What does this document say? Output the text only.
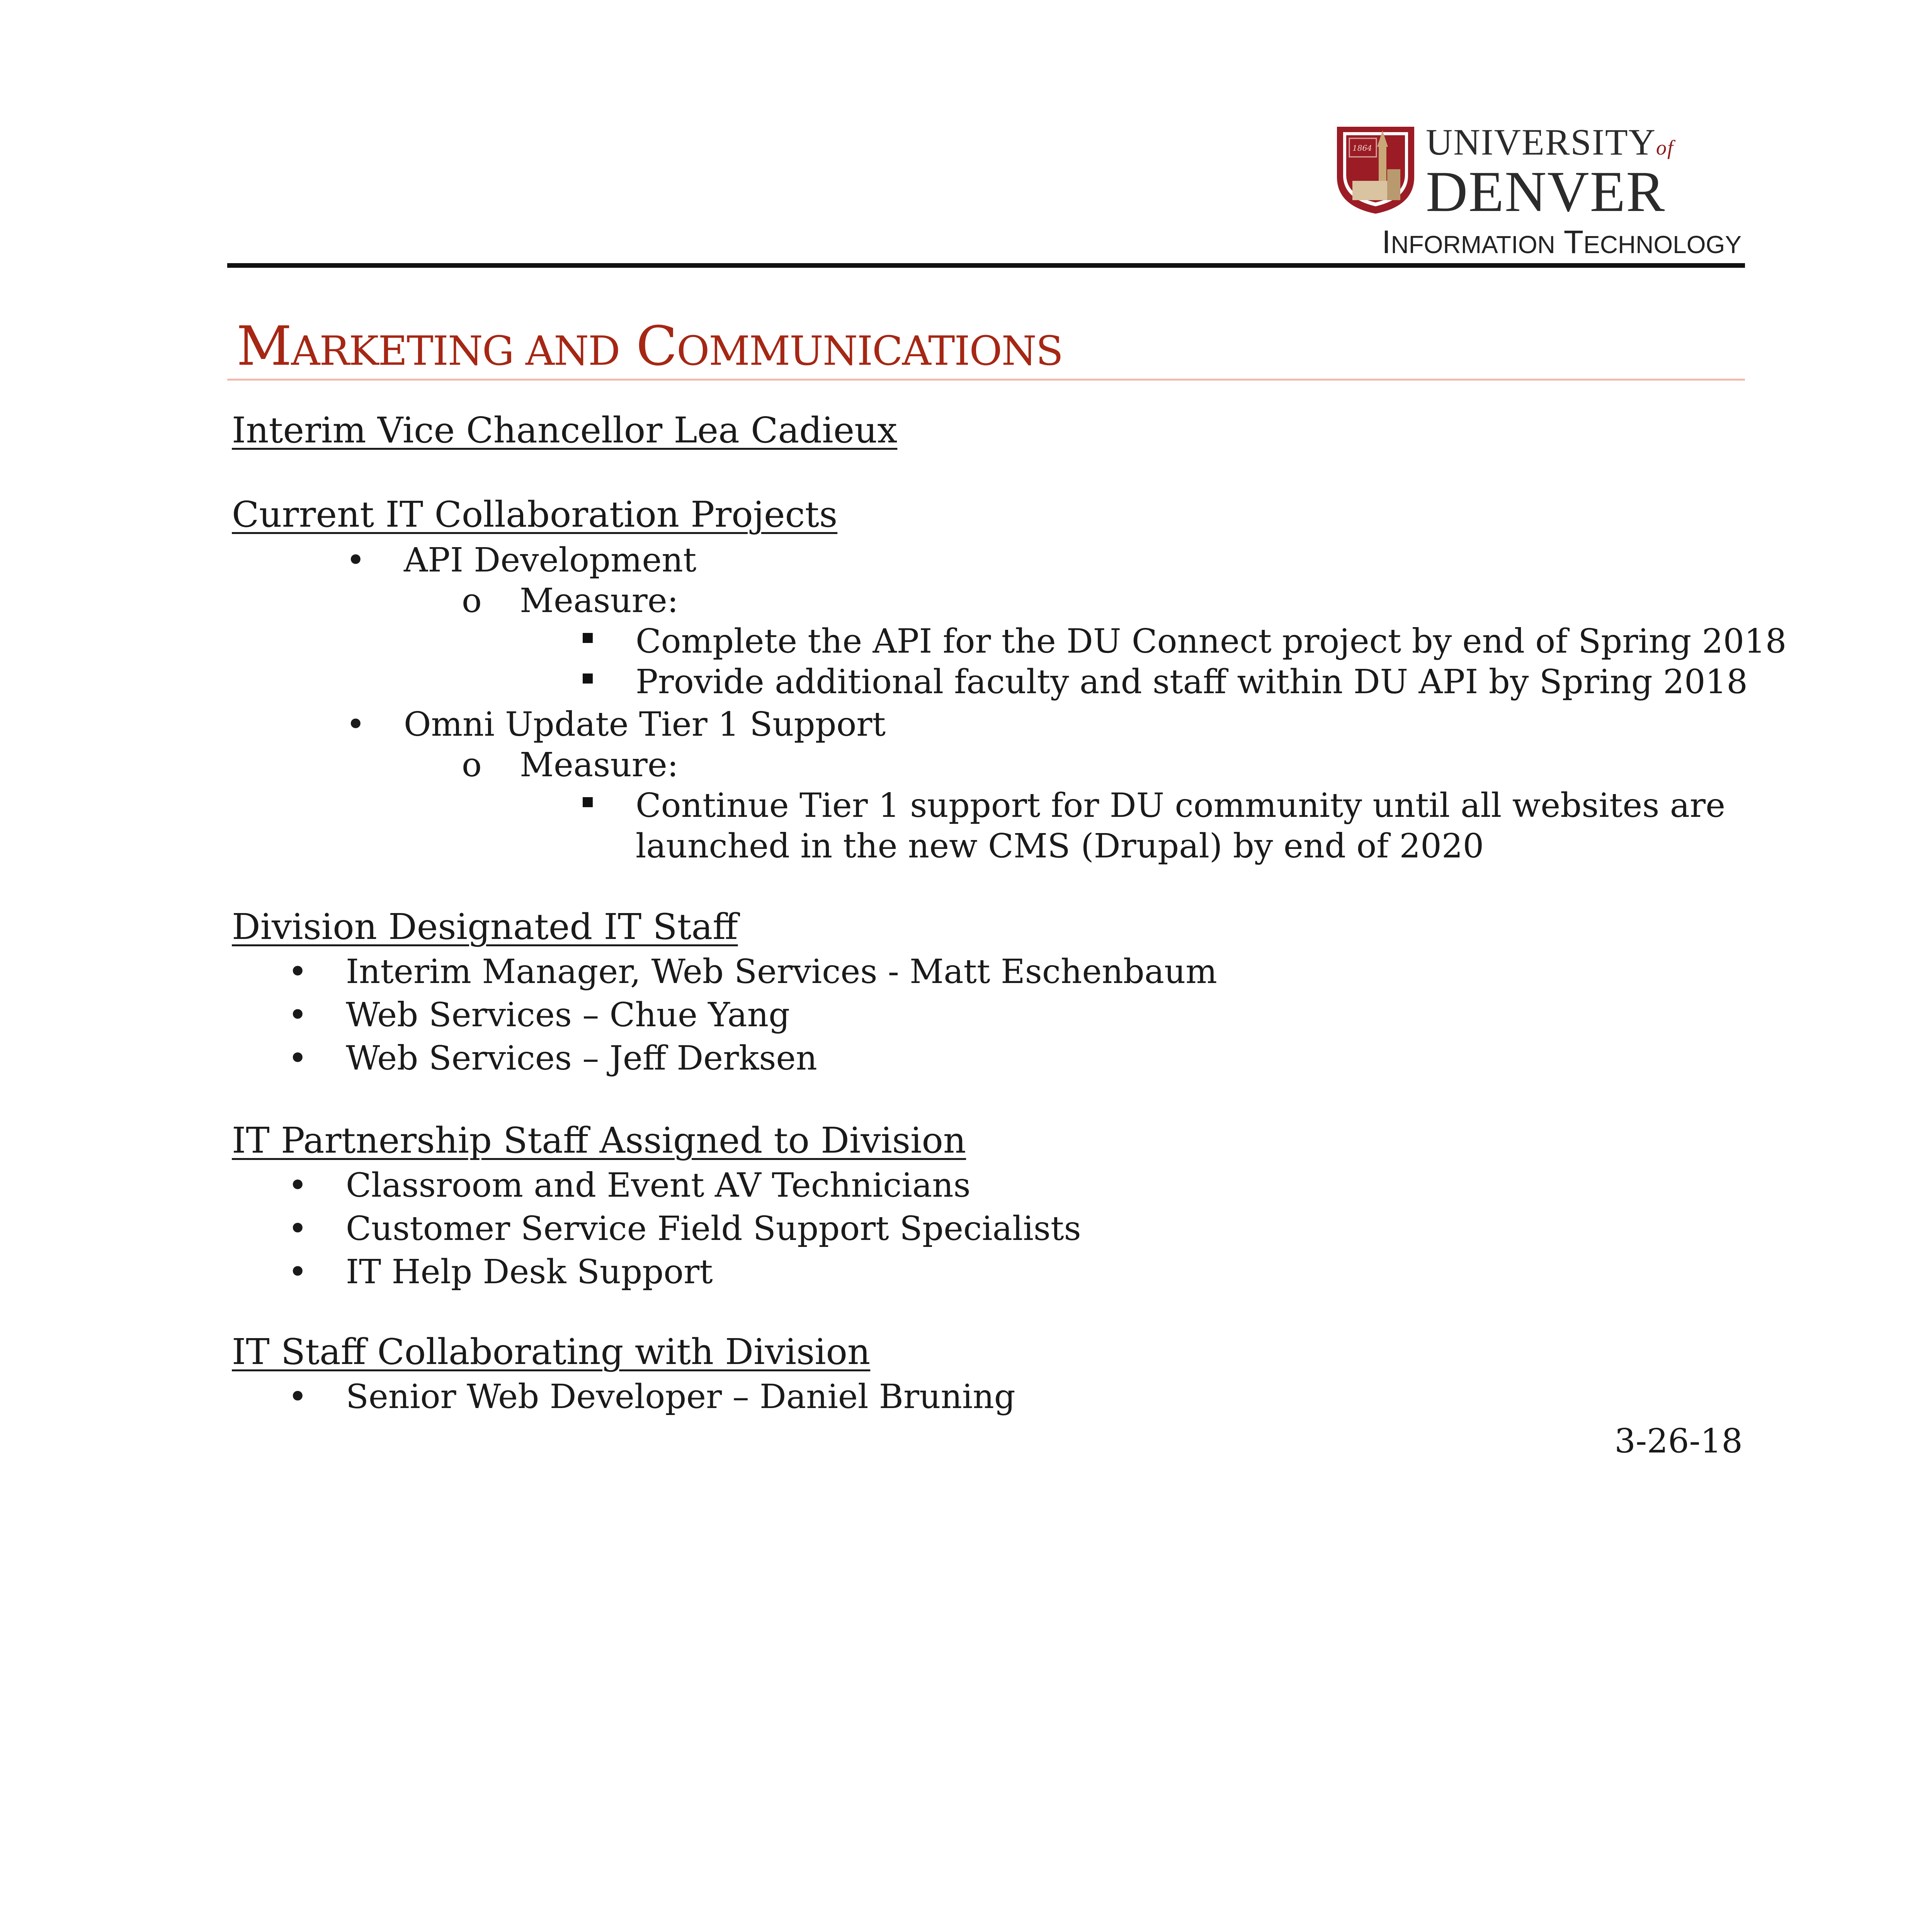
1864 UNIVERSITYof
DENVER
INFORMATION TECHNOLOGY
MARKETING AND COMMUNICATIONS
Interim Vice Chancellor Lea Cadieux
Current IT Collaboration Projects
• API Development
o Measure:
Complete the API for the DU Connect project by end of Spring 2018
Provide additional faculty and staff within DU API by Spring 2018
• Omni Update Tier 1 Support
o Measure:
Continue Tier 1 support for DU community until all websites are
launched in the new CMS (Drupal) by end of 2020
Division Designated IT Staff
• Interim Manager, Web Services - Matt Eschenbaum
• Web Services – Chue Yang
• Web Services – Jeff Derksen
IT Partnership Staff Assigned to Division
• Classroom and Event AV Technicians
• Customer Service Field Support Specialists
• IT Help Desk Support
IT Staff Collaborating with Division
• Senior Web Developer – Daniel Bruning
3-26-18
